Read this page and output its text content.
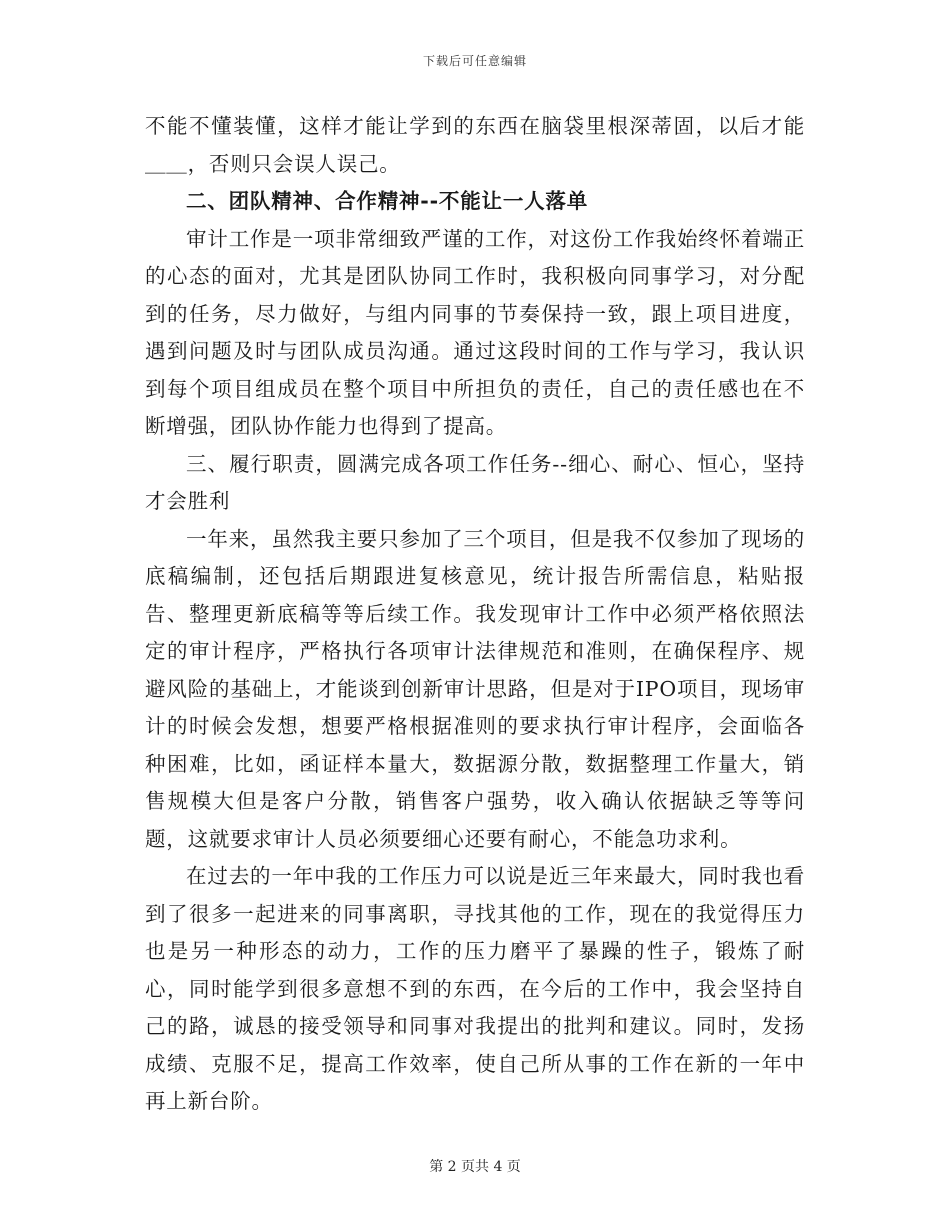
下载后可任意编辑

不能不懂装懂，这样才能让学到的东西在脑袋里根深蒂固，以后才能＿＿，否则只会误人误己。

二、团队精神、合作精神--不能让一人落单

审计工作是一项非常细致严谨的工作，对这份工作我始终怀着端正的心态的面对，尤其是团队协同工作时，我积极向同事学习，对分配到的任务，尽力做好，与组内同事的节奏保持一致，跟上项目进度，遇到问题及时与团队成员沟通。通过这段时间的工作与学习，我认识到每个项目组成员在整个项目中所担负的责任，自己的责任感也在不断增强，团队协作能力也得到了提高。

三、履行职责，圆满完成各项工作任务--细心、耐心、恒心，坚持才会胜利

一年来，虽然我主要只参加了三个项目，但是我不仅参加了现场的底稿编制，还包括后期跟进复核意见，统计报告所需信息，粘贴报告、整理更新底稿等等后续工作。我发现审计工作中必须严格依照法定的审计程序，严格执行各项审计法律规范和准则，在确保程序、规避风险的基础上，才能谈到创新审计思路，但是对于IPO项目，现场审计的时候会发想，想要严格根据准则的要求执行审计程序，会面临各种困难，比如，函证样本量大，数据源分散，数据整理工作量大，销售规模大但是客户分散，销售客户强势，收入确认依据缺乏等等问题，这就要求审计人员必须要细心还要有耐心，不能急功求利。

在过去的一年中我的工作压力可以说是近三年来最大，同时我也看到了很多一起进来的同事离职，寻找其他的工作，现在的我觉得压力也是另一种形态的动力，工作的压力磨平了暴躁的性子，锻炼了耐心，同时能学到很多意想不到的东西，在今后的工作中，我会坚持自己的路，诚恳的接受领导和同事对我提出的批判和建议。同时，发扬成绩、克服不足，提高工作效率，使自己所从事的工作在新的一年中再上新台阶。

第 2 页共 4 页
